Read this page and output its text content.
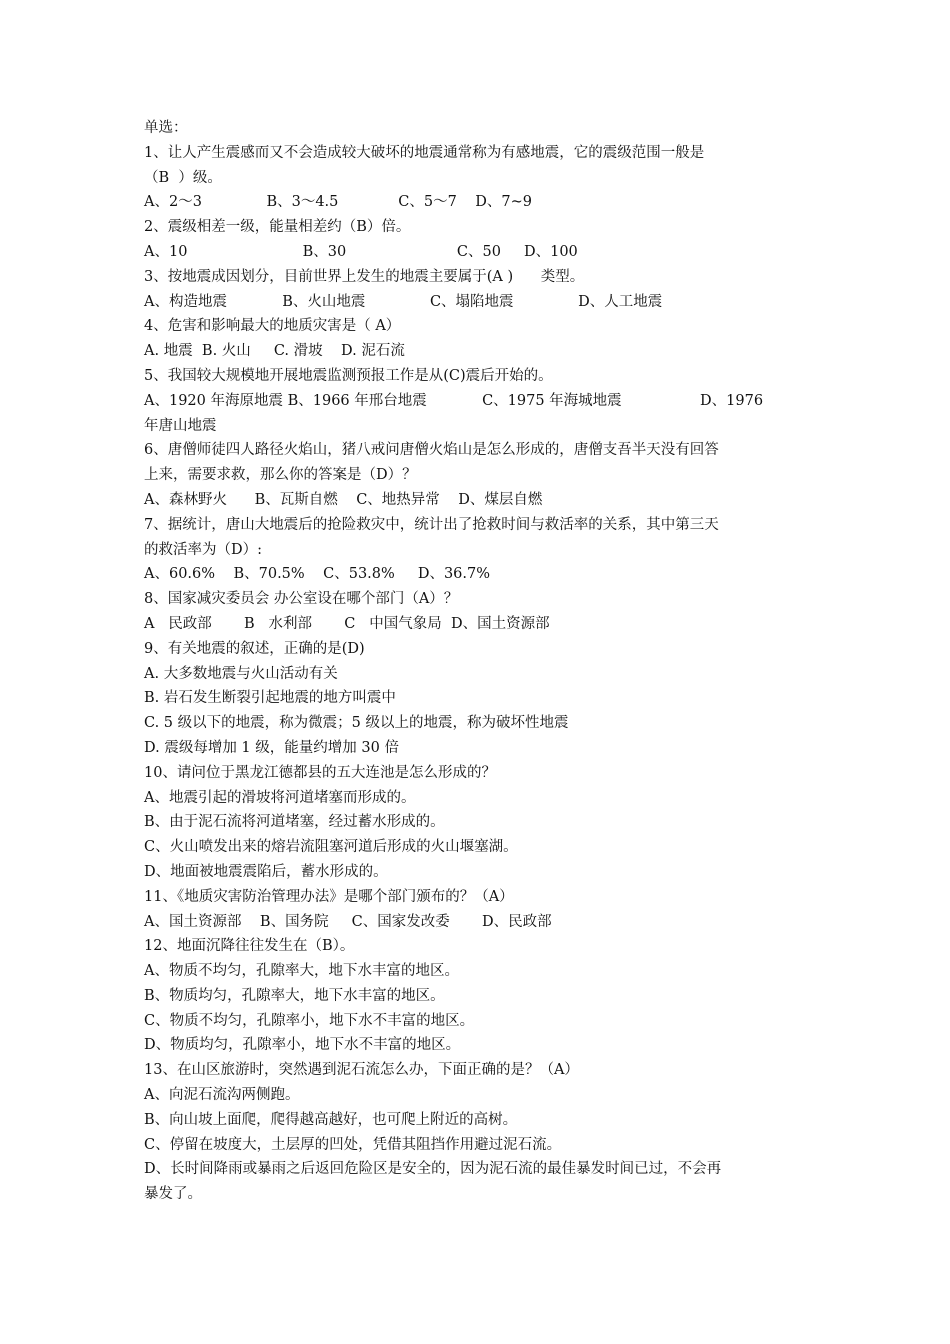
单选：
1、让人产生震感而又不会造成较大破坏的地震通常称为有感地震，它的震级范围一般是
（B  ）级。
A、2～3              B、3～4.5             C、5～7    D、7~9
2、震级相差一级，能量相差约（B）倍。
A、10                         B、30                        C、50     D、100
3、按地震成因划分，目前世界上发生的地震主要属于(A )      类型。
A、构造地震            B、火山地震              C、塌陷地震              D、人工地震
4、危害和影响最大的地质灾害是（ A）
A. 地震  B. 火山     C. 滑坡    D. 泥石流
5、我国较大规模地开展地震监测预报工作是从(C)震后开始的。
A、1920 年海原地震 B、1966 年邢台地震            C、1975 年海城地震                 D、1976
年唐山地震
6、唐僧师徒四人路径火焰山，猪八戒问唐僧火焰山是怎么形成的，唐僧支吾半天没有回答
上来，需要求救，那么你的答案是（D）？
A、森林野火      B、瓦斯自燃    C、地热异常    D、煤层自燃
7、据统计，唐山大地震后的抢险救灾中，统计出了抢救时间与救活率的关系，其中第三天
的救活率为（D）:
A、60.6%    B、70.5%    C、53.8%     D、36.7%
8、国家减灾委员会 办公室设在哪个部门（A）？
A   民政部       B   水利部       C   中国气象局  D、国土资源部
9、有关地震的叙述，正确的是(D)
A. 大多数地震与火山活动有关
B. 岩石发生断裂引起地震的地方叫震中
C. 5 级以下的地震，称为微震；5 级以上的地震，称为破坏性地震
D. 震级每增加 1 级，能量约增加 30 倍
10、请问位于黑龙江德都县的五大连池是怎么形成的？
A、地震引起的滑坡将河道堵塞而形成的。
B、由于泥石流将河道堵塞，经过蓄水形成的。
C、火山喷发出来的熔岩流阻塞河道后形成的火山堰塞湖。
D、地面被地震震陷后，蓄水形成的。
11、《地质灾害防治管理办法》是哪个部门颁布的？（A）
A、国土资源部    B、国务院     C、国家发改委       D、民政部
12、地面沉降往往发生在（B）。
A、物质不均匀，孔隙率大，地下水丰富的地区。
B、物质均匀，孔隙率大，地下水丰富的地区。
C、物质不均匀，孔隙率小，地下水不丰富的地区。
D、物质均匀，孔隙率小，地下水不丰富的地区。
13、在山区旅游时，突然遇到泥石流怎么办，下面正确的是？（A）
A、向泥石流沟两侧跑。
B、向山坡上面爬，爬得越高越好，也可爬上附近的高树。
C、停留在坡度大，土层厚的凹处，凭借其阻挡作用避过泥石流。
D、长时间降雨或暴雨之后返回危险区是安全的，因为泥石流的最佳暴发时间已过，不会再
暴发了。
